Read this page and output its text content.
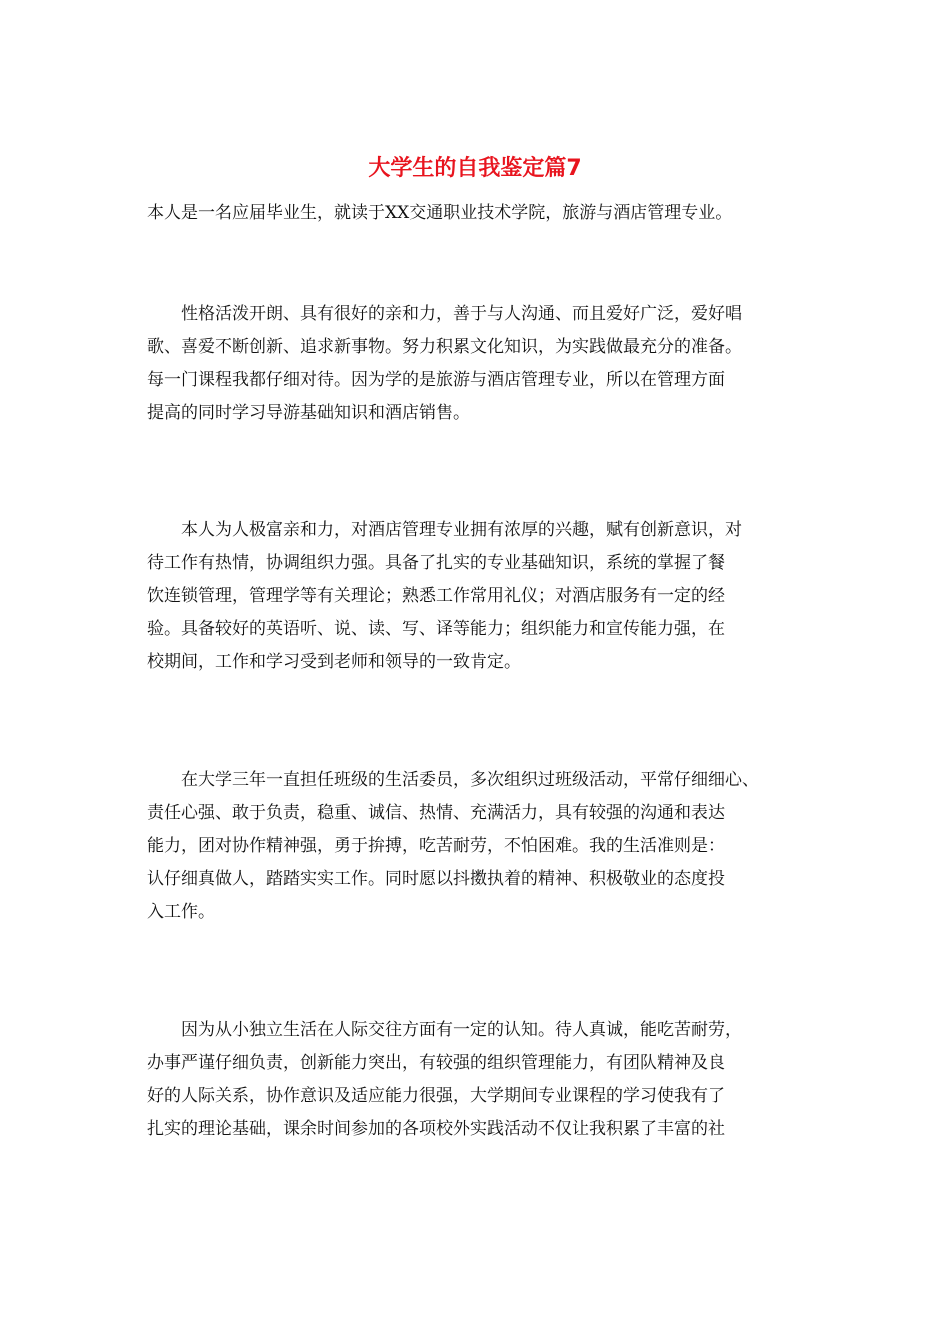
大学生的自我鉴定篇7

本人是一名应届毕业生，就读于XX交通职业技术学院，旅游与酒店管理专业。

　　性格活泼开朗、具有很好的亲和力，善于与人沟通、而且爱好广泛，爱好唱
歌、喜爱不断创新、追求新事物。努力积累文化知识，为实践做最充分的准备。
每一门课程我都仔细对待。因为学的是旅游与酒店管理专业，所以在管理方面
提高的同时学习导游基础知识和酒店销售。

　　本人为人极富亲和力，对酒店管理专业拥有浓厚的兴趣，赋有创新意识，对
待工作有热情，协调组织力强。具备了扎实的专业基础知识，系统的掌握了餐
饮连锁管理，管理学等有关理论；熟悉工作常用礼仪；对酒店服务有一定的经
验。具备较好的英语听、说、读、写、译等能力；组织能力和宣传能力强，在
校期间，工作和学习受到老师和领导的一致肯定。

　　在大学三年一直担任班级的生活委员，多次组织过班级活动，平常仔细细心、
责任心强、敢于负责，稳重、诚信、热情、充满活力，具有较强的沟通和表达
能力，团对协作精神强，勇于拚搏，吃苦耐劳，不怕困难。我的生活准则是：
认仔细真做人，踏踏实实工作。同时愿以抖擞执着的精神、积极敬业的态度投
入工作。

　　因为从小独立生活在人际交往方面有一定的认知。待人真诚，能吃苦耐劳，
办事严谨仔细负责，创新能力突出，有较强的组织管理能力，有团队精神及良
好的人际关系，协作意识及适应能力很强，大学期间专业课程的学习使我有了
扎实的理论基础，课余时间参加的各项校外实践活动不仅让我积累了丰富的社
